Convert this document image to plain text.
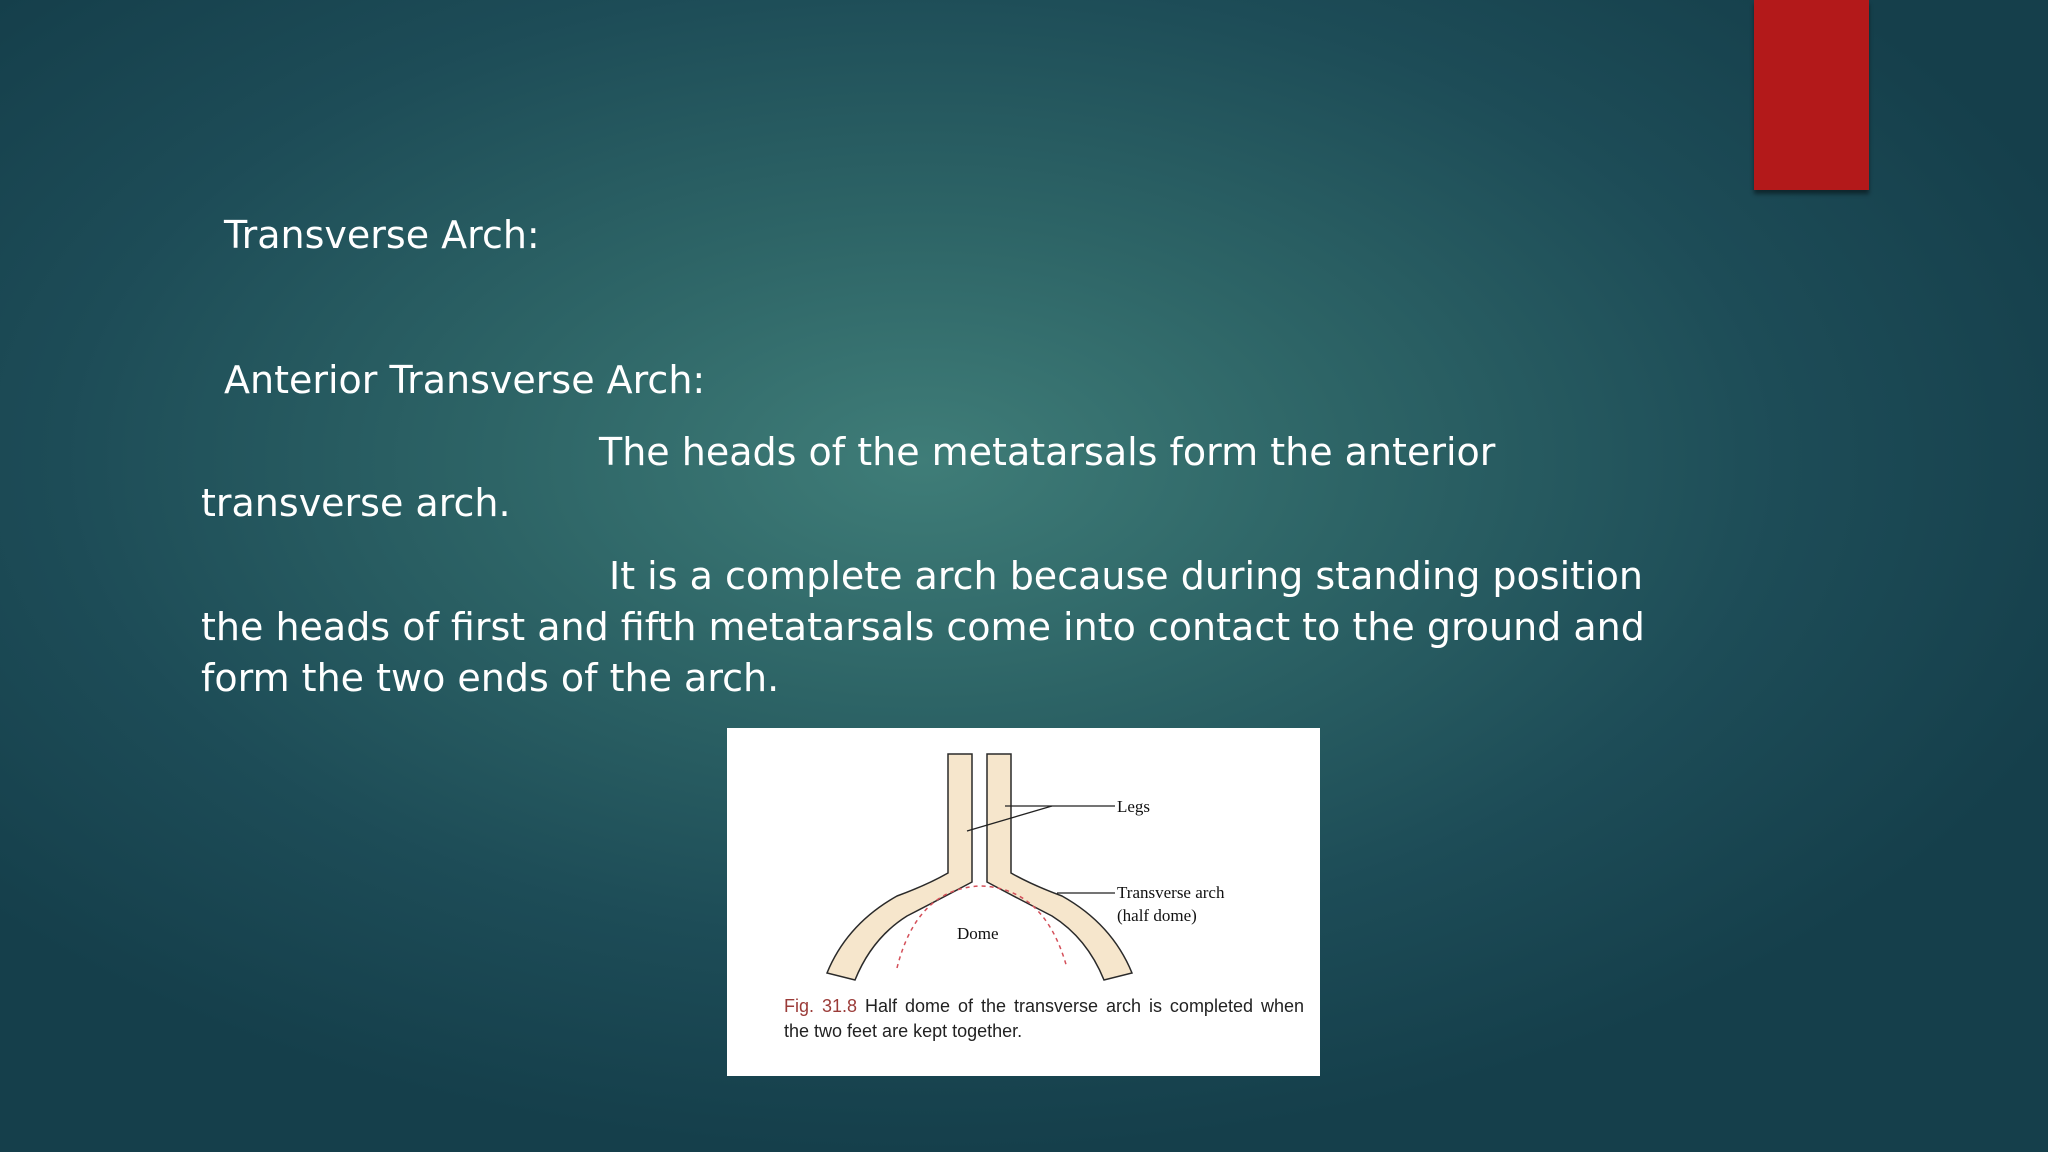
Transverse Arch:
Anterior Transverse Arch:
The heads of the metatarsals form the anterior transverse arch.
It is a complete arch because during standing position the heads of first and fifth metatarsals come into contact to the ground and form the two ends of the arch.
Legs
Transverse arch
(half dome)
Dome
Fig. 31.8 Half dome of the transverse arch is completed when the two feet are kept together.
